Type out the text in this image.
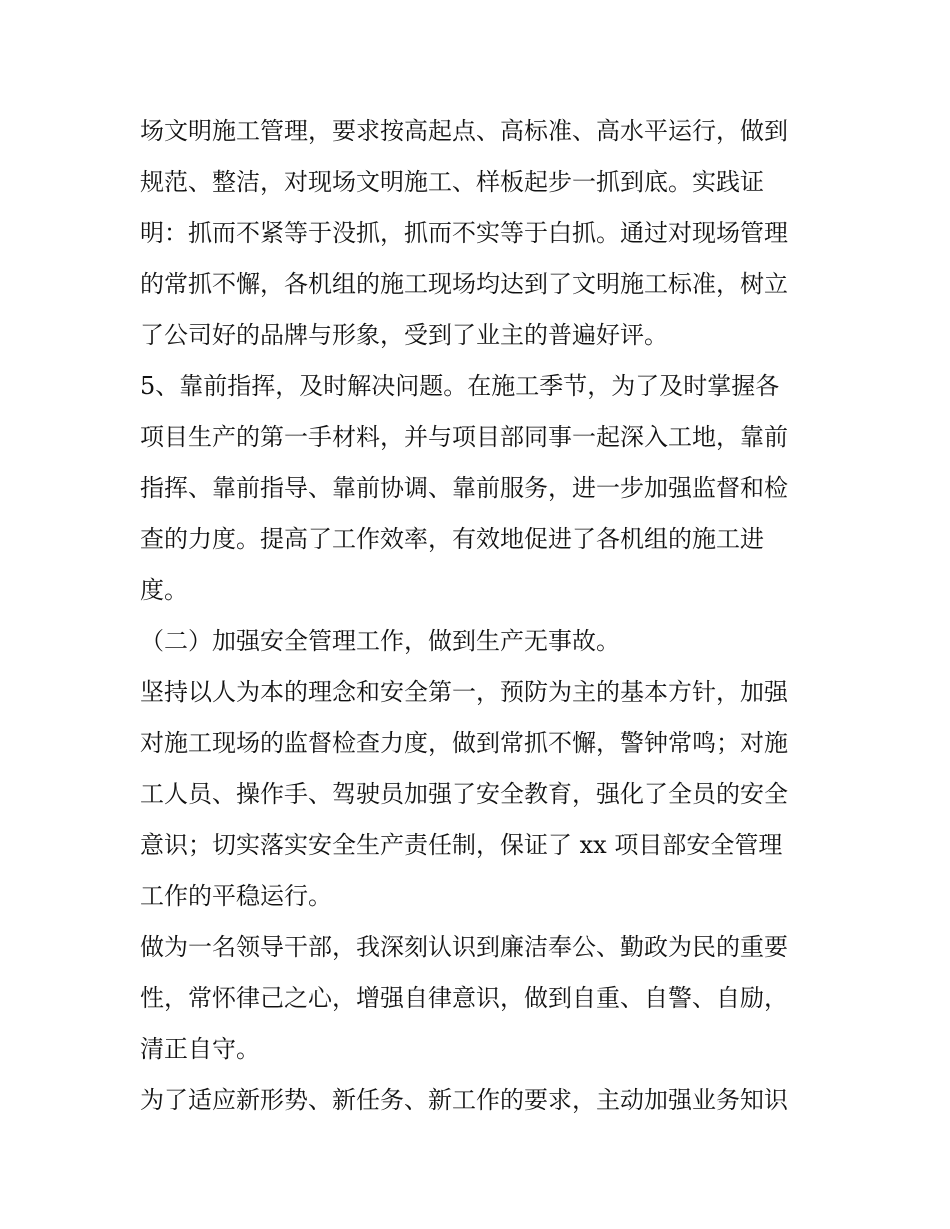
场文明施工管理，要求按高起点、高标准、高水平运行，做到
规范、整洁，对现场文明施工、样板起步一抓到底。实践证
明：抓而不紧等于没抓，抓而不实等于白抓。通过对现场管理
的常抓不懈，各机组的施工现场均达到了文明施工标准，树立
了公司好的品牌与形象，受到了业主的普遍好评。
5、靠前指挥，及时解决问题。在施工季节，为了及时掌握各
项目生产的第一手材料，并与项目部同事一起深入工地，靠前
指挥、靠前指导、靠前协调、靠前服务，进一步加强监督和检
查的力度。提高了工作效率，有效地促进了各机组的施工进
度。
（二）加强安全管理工作，做到生产无事故。
坚持以人为本的理念和安全第一，预防为主的基本方针，加强
对施工现场的监督检查力度，做到常抓不懈，警钟常鸣；对施
工人员、操作手、驾驶员加强了安全教育，强化了全员的安全
意识；切实落实安全生产责任制，保证了 xx 项目部安全管理
工作的平稳运行。
做为一名领导干部，我深刻认识到廉洁奉公、勤政为民的重要
性，常怀律己之心，增强自律意识，做到自重、自警、自励，
清正自守。
为了适应新形势、新任务、新工作的要求，主动加强业务知识
